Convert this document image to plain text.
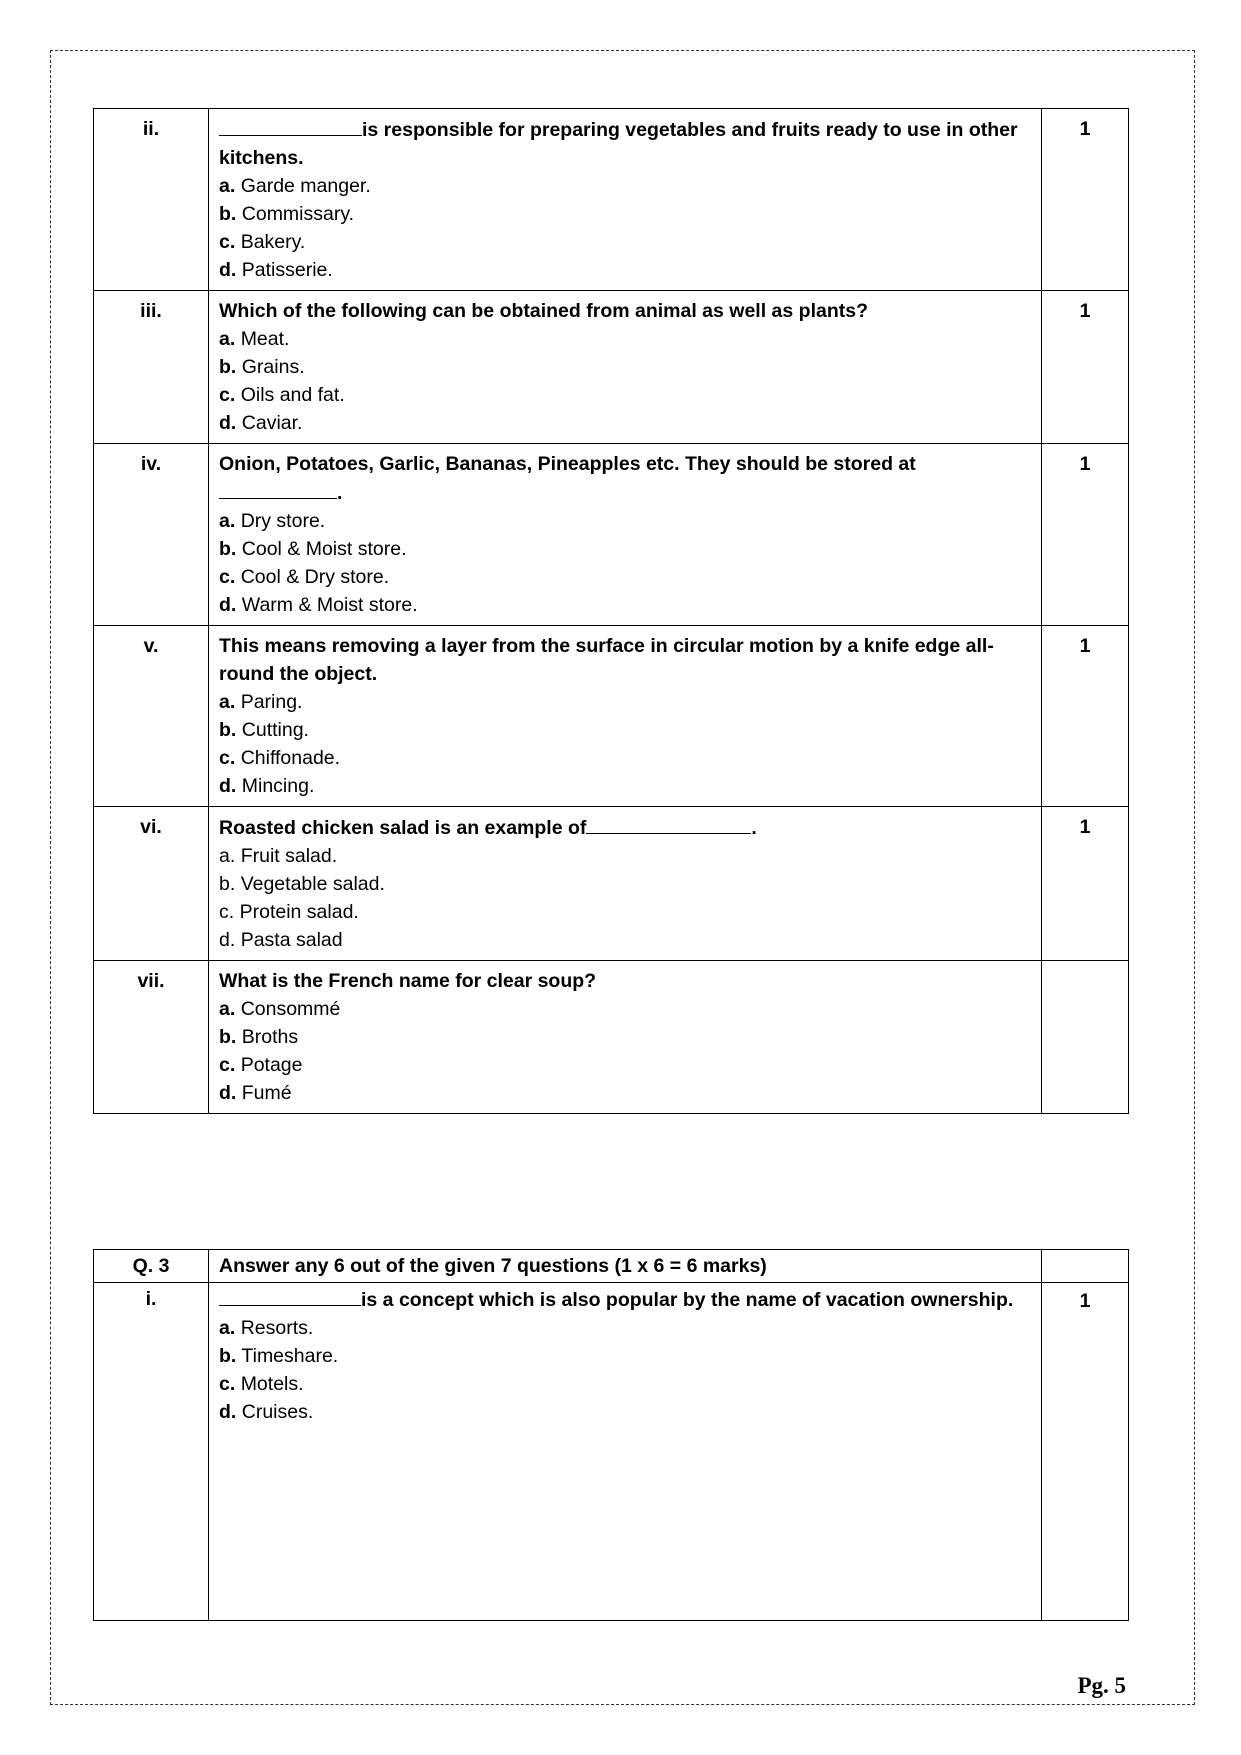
ii.	is responsible for preparing vegetables and fruits ready to use in other kitchens.
a. Garde manger.
b. Commissary.
c. Bakery.
d. Patisserie.	1
iii.	Which of the following can be obtained from animal as well as plants?
a. Meat.
b. Grains.
c. Oils and fat.
d. Caviar.	1
iv.	Onion, Potatoes, Garlic, Bananas, Pineapples etc. They should be stored at.
a. Dry store.
b. Cool & Moist store.
c. Cool & Dry store.
d. Warm & Moist store.	1
v.	This means removing a layer from the surface in circular motion by a knife edge all-round the object.
a. Paring.
b. Cutting.
c. Chiffonade.
d. Mincing.	1
vi.	Roasted chicken salad is an example of .
a. Fruit salad.
b. Vegetable salad.
c. Protein salad.
d. Pasta salad	1
vii.	What is the French name for clear soup?
a. Consommé
b. Broths
c. Potage
d. Fumé	

Q. 3	Answer any 6 out of the given 7 questions (1 x 6 = 6 marks)	
i.	is a concept which is also popular by the name of vacation ownership.
a. Resorts.
b. Timeshare.
c. Motels.
d. Cruises.	1
Pg. 5
